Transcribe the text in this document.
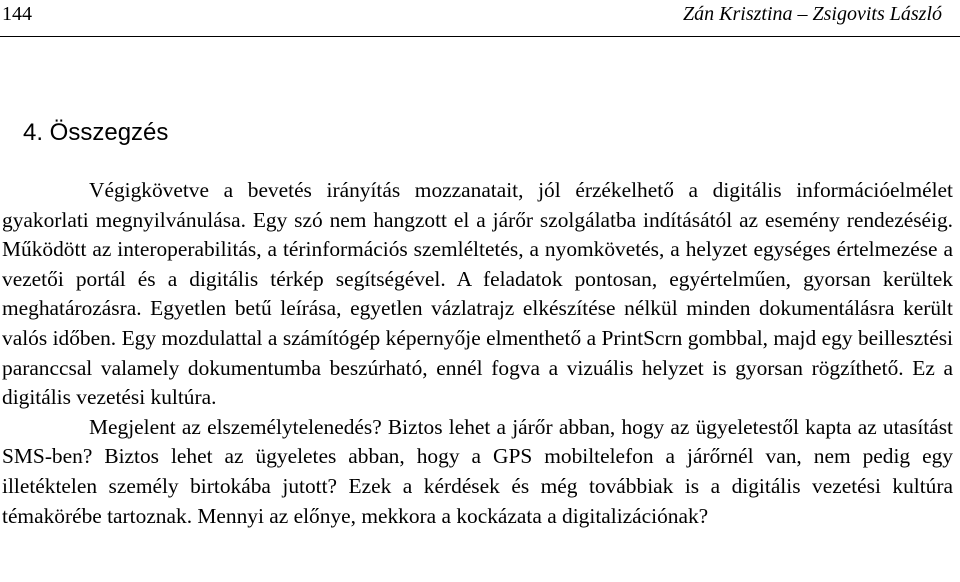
144	Zán Krisztina – Zsigovits László
4. Összegzés

Végigkövetve a bevetés irányítás mozzanatait, jól érzékelhető a digitális információelmélet gyakorlati megnyilvánulása. Egy szó nem hangzott el a járőr szolgálatba indításától az esemény rendezéséig. Működött az interoperabilitás, a térinformációs szemléltetés, a nyomkövetés, a helyzet egységes értelmezése a vezetői portál és a digitális térkép segítségével. A feladatok pontosan, egyértelműen, gyorsan kerültek meghatározásra. Egyetlen betű leírása, egyetlen vázlatrajz elkészítése nélkül minden dokumentálásra került valós időben. Egy mozdulattal a számítógép képernyője elmenthető a PrintScrn gombbal, majd egy beillesztési paranccsal valamely dokumentumba beszúrható, ennél fogva a vizuális helyzet is gyorsan rögzíthető. Ez a digitális vezetési kultúra.

Megjelent az elszemélytelenedés? Biztos lehet a járőr abban, hogy az ügyeletestől kapta az utasítást SMS-ben? Biztos lehet az ügyeletes abban, hogy a GPS mobiltelefon a járőrnél van, nem pedig egy illetéktelen személy birtokába jutott? Ezek a kérdések és még továbbiak is a digitális vezetési kultúra témakörébe tartoznak. Mennyi az előnye, mekkora a kockázata a digitalizációnak?
